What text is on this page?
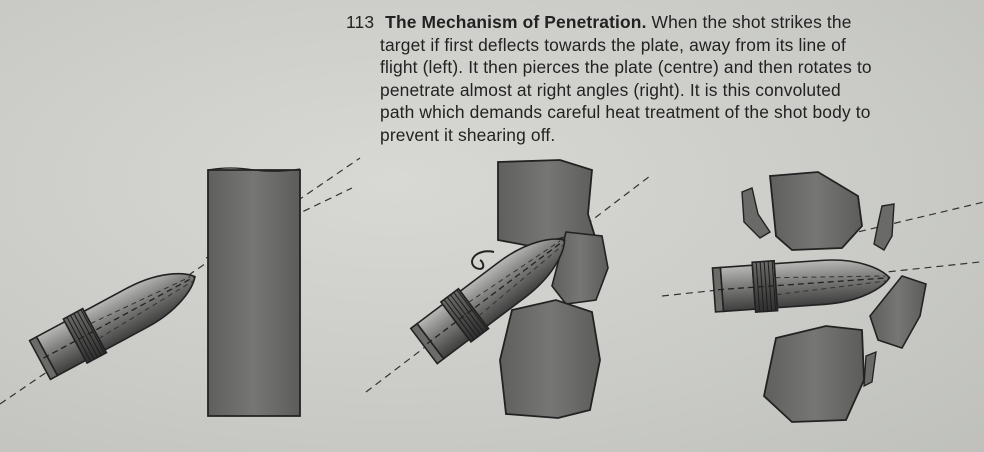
113 The Mechanism of Penetration. When the shot strikes the
target if first deflects towards the plate, away from its line of
flight (left). It then pierces the plate (centre) and then rotates to
penetrate almost at right angles (right). It is this convoluted
path which demands careful heat treatment of the shot body to
prevent it shearing off.
